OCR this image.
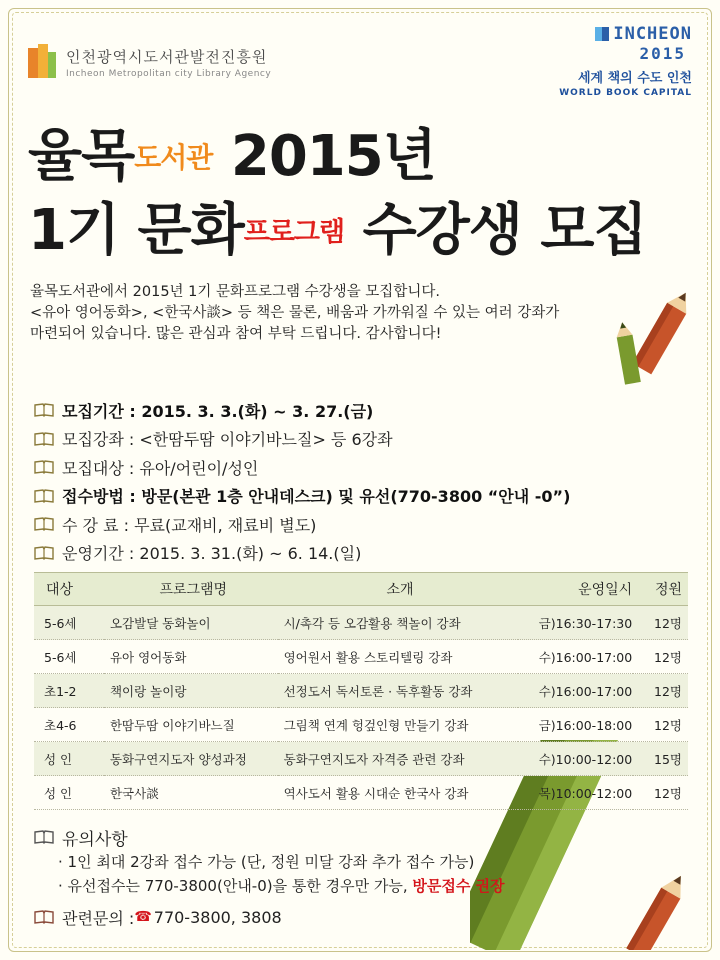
인천광역시도서관발전진흥원
Incheon Metropolitan city Library Agency
INCHEON
2015
세계 책의 수도 인천
WORLD BOOK CAPITAL
율목도서관 2015년
1기 문화프로그램 수강생 모집
율목도서관에서 2015년 1기 문화프로그램 수강생을 모집합니다.
<유아 영어동화>, <한국사談> 등 책은 물론, 배움과 가까워질 수 있는 여러 강좌가
마련되어 있습니다. 많은 관심과 참여 부탁 드립니다. 감사합니다!
모집기간 : 2015. 3. 3.(화) ~ 3. 27.(금)
모집강좌 : <한땀두땀 이야기바느질> 등 6강좌
모집대상 : 유아/어린이/성인
접수방법 : 방문(본관 1층 안내데스크) 및 유선(770-3800 “안내 -0”)
수 강 료 : 무료(교재비, 재료비 별도)
운영기간 : 2015. 3. 31.(화) ~ 6. 14.(일)
대상	프로그램명	소개	운영일시	정원
5-6세	오감발달 동화놀이	시/촉각 등 오감활용 책놀이 강좌	금)16:30-17:30	12명
5-6세	유아 영어동화	영어원서 활용 스토리텔링 강좌	수)16:00-17:00	12명
초1-2	책이랑 놀이랑	선정도서 독서토론 · 독후활동 강좌	수)16:00-17:00	12명
초4-6	한땀두땀 이야기바느질	그림책 연계 헝겊인형 만들기 강좌	금)16:00-18:00	12명
성 인	동화구연지도자 양성과정	동화구연지도자 자격증 관련 강좌	수)10:00-12:00	15명
성 인	한국사談	역사도서 활용 시대순 한국사 강좌	목)10:00-12:00	12명
유의사항
· 1인 최대 2강좌 접수 가능 (단, 정원 미달 강좌 추가 접수 가능)
· 유선접수는 770-3800(안내-0)을 통한 경우만 가능, 방문접수 권장
관련문의 : ☎ 770-3800, 3808
